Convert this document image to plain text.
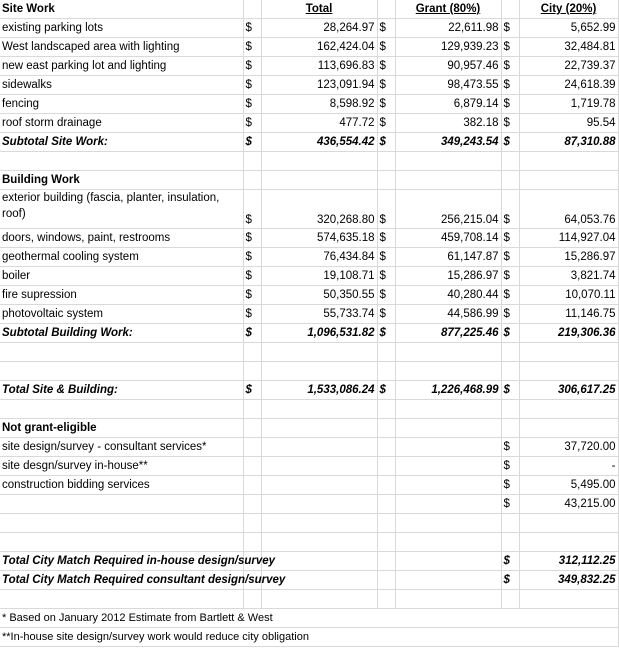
Site Work		Total		Grant (80%)		City (20%)
existing parking lots	$	28,264.97	$	22,611.98	$	5,652.99
West landscaped area with lighting	$	162,424.04	$	129,939.23	$	32,484.81
new east parking lot and lighting	$	113,696.83	$	90,957.46	$	22,739.37
sidewalks	$	123,091.94	$	98,473.55	$	24,618.39
fencing	$	8,598.92	$	6,879.14	$	1,719.78
roof storm drainage	$	477.72	$	382.18	$	95.54
Subtotal Site Work:	$	436,554.42	$	349,243.54	$	87,310.88

Building Work						
exterior building (fascia, planter, insulation, roof)	$	320,268.80	$	256,215.04	$	64,053.76
doors, windows, paint, restrooms	$	574,635.18	$	459,708.14	$	114,927.04
geothermal cooling system	$	76,434.84	$	61,147.87	$	15,286.97
boiler	$	19,108.71	$	15,286.97	$	3,821.74
fire supression	$	50,350.55	$	40,280.44	$	10,070.11
photovoltaic system	$	55,733.74	$	44,586.99	$	11,146.75
Subtotal Building Work:	$	1,096,531.82	$	877,225.46	$	219,306.36

Total Site & Building:	$	1,533,086.24	$	1,226,468.99	$	306,617.25

Not grant-eligible						
site design/survey - consultant services*					$	37,720.00
site desgn/survey in-house**					$	-
construction bidding services					$	5,495.00
					$	43,215.00

Total City Match Required in-house design/survey					$	312,112.25
Total City Match Required consultant design/survey					$	349,832.25

* Based on January 2012 Estimate from Bartlett & West						
**In-house site design/survey work would reduce city obligation						
